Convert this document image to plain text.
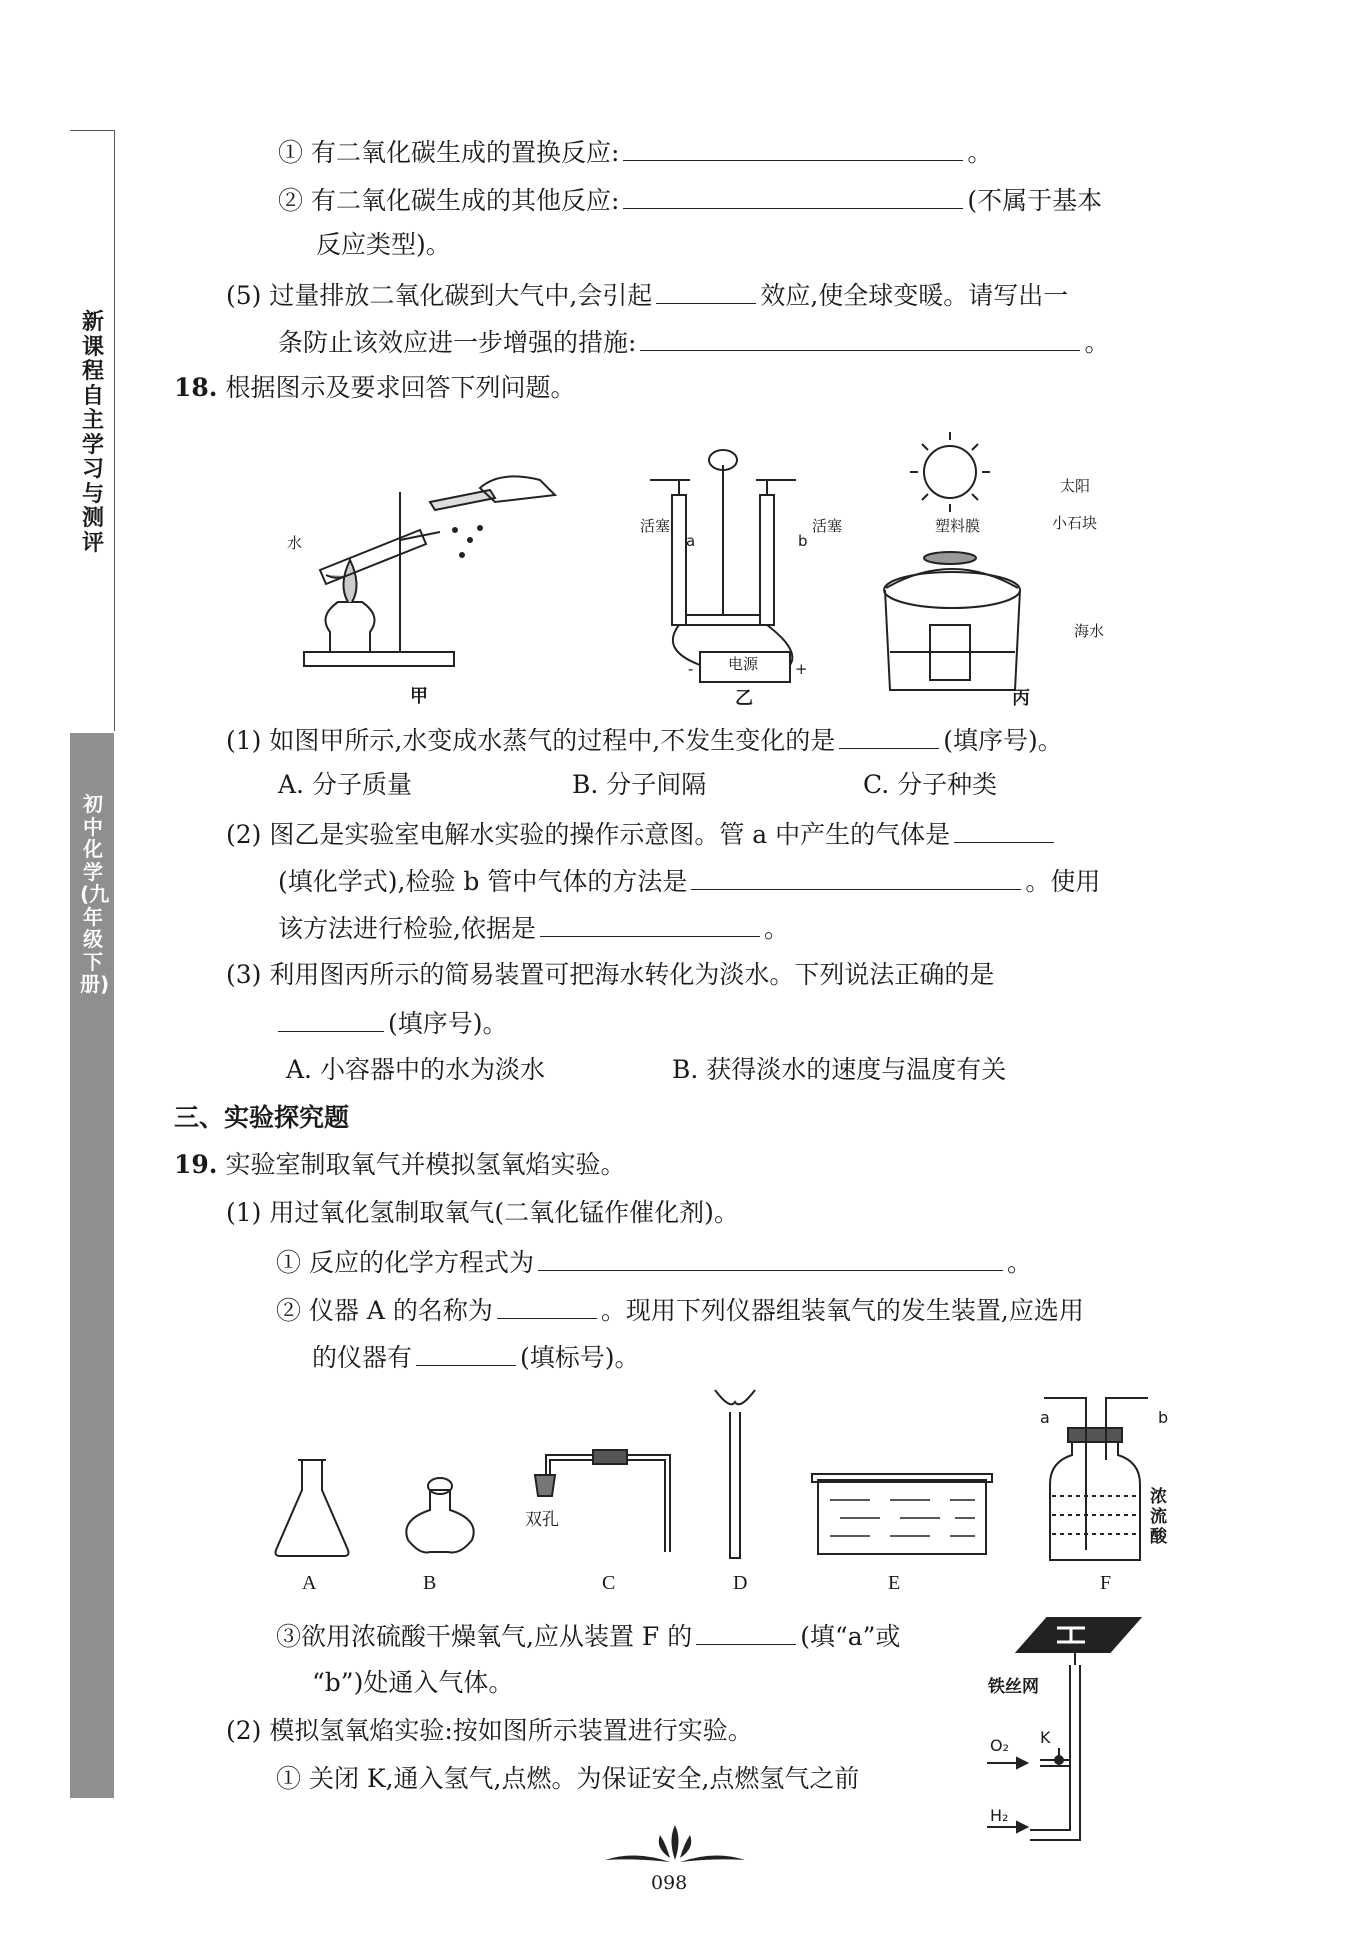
新课程自主学习与测评
初中化学(九年级下册)
① 有二氧化碳生成的置换反应:	。
② 有二氧化碳生成的其他反应:	(不属于基本
反应类型)。
(5) 过量排放二氧化碳到大气中,会引起	效应,使全球变暖。请写出一
条防止该效应进一步增强的措施:	。
18. 根据图示及要求回答下列问题。
水
活塞	活塞
a	b
电源
-	+
太阳
塑料膜	小石块
海水
甲	乙	丙
(1) 如图甲所示,水变成水蒸气的过程中,不发生变化的是	(填序号)。
A. 分子质量	B. 分子间隔	C. 分子种类
(2) 图乙是实验室电解水实验的操作示意图。管 a 中产生的气体是
(填化学式),检验 b 管中气体的方法是	。使用
该方法进行检验,依据是	。
(3) 利用图丙所示的简易装置可把海水转化为淡水。下列说法正确的是
(填序号)。
A. 小容器中的水为淡水	B. 获得淡水的速度与温度有关
三、实验探究题
19. 实验室制取氧气并模拟氢氧焰实验。
(1) 用过氧化氢制取氧气(二氧化锰作催化剂)。
① 反应的化学方程式为	。
② 仪器 A 的名称为	。现用下列仪器组装氧气的发生装置,应选用
的仪器有	(填标号)。
双孔
a	b
浓
流
酸
A	B	C	D	E	F
③欲用浓硫酸干燥氧气,应从装置 F 的	(填“a”或
“b”)处通入气体。
(2) 模拟氢氧焰实验:按如图所示装置进行实验。
① 关闭 K,通入氢气,点燃。为保证安全,点燃氢气之前
铁丝网
O₂ K
H₂
098
